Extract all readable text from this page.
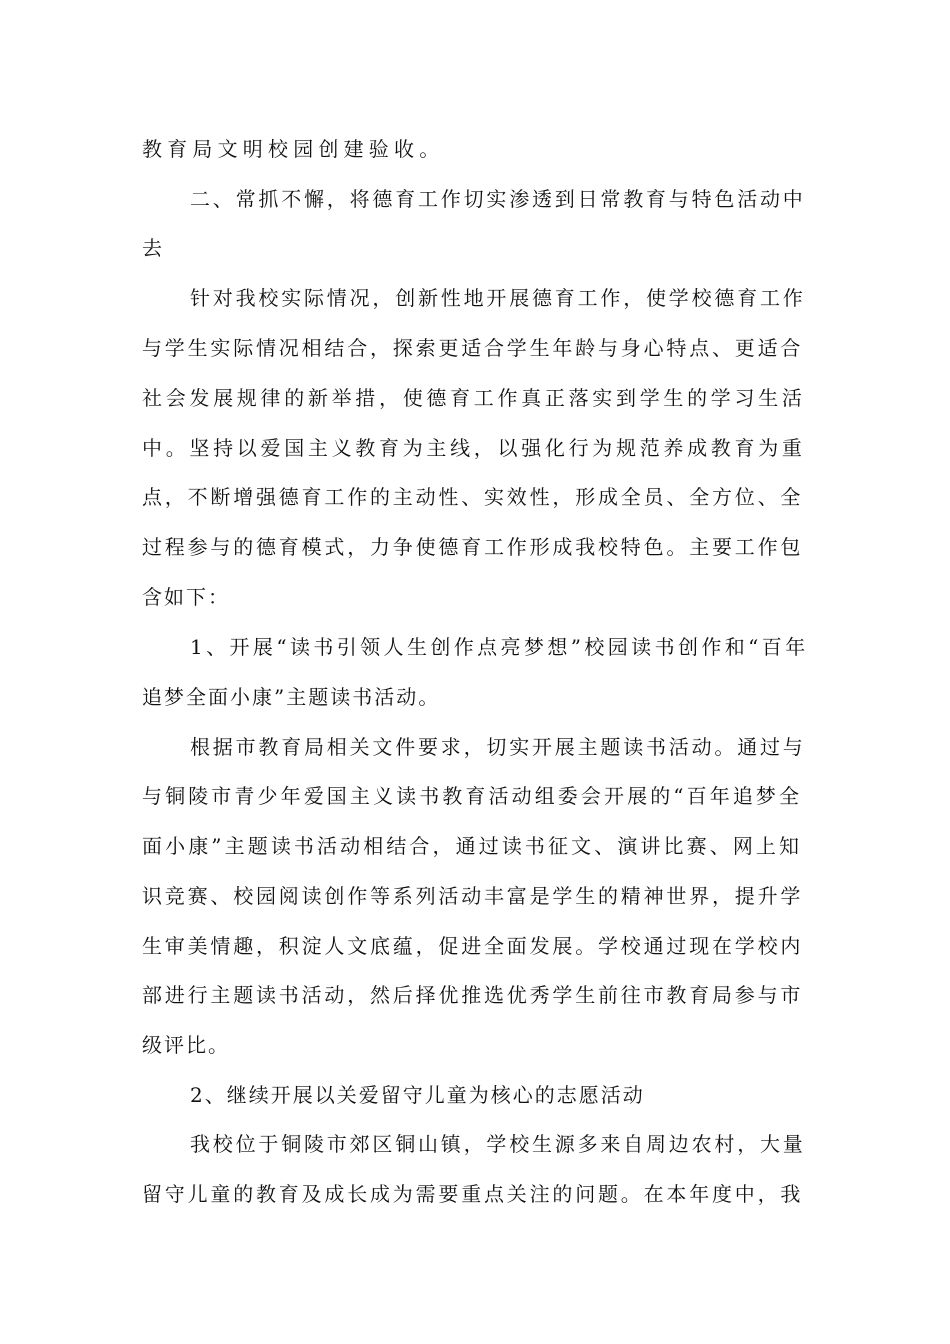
教育局文明校园创建验收。
二、常抓不懈，将德育工作切实渗透到日常教育与特色活动中
去
针对我校实际情况，创新性地开展德育工作，使学校德育工作
与学生实际情况相结合，探索更适合学生年龄与身心特点、更适合
社会发展规律的新举措，使德育工作真正落实到学生的学习生活
中。坚持以爱国主义教育为主线，以强化行为规范养成教育为重
点，不断增强德育工作的主动性、实效性，形成全员、全方位、全
过程参与的德育模式，力争使德育工作形成我校特色。主要工作包
含如下：
1、开展“读书引领人生创作点亮梦想”校园读书创作和“百年
追梦全面小康”主题读书活动。
根据市教育局相关文件要求，切实开展主题读书活动。通过与
与铜陵市青少年爱国主义读书教育活动组委会开展的“百年追梦全
面小康”主题读书活动相结合，通过读书征文、演讲比赛、网上知
识竞赛、校园阅读创作等系列活动丰富是学生的精神世界，提升学
生审美情趣，积淀人文底蕴，促进全面发展。学校通过现在学校内
部进行主题读书活动，然后择优推选优秀学生前往市教育局参与市
级评比。
2、继续开展以关爱留守儿童为核心的志愿活动
我校位于铜陵市郊区铜山镇，学校生源多来自周边农村，大量
留守儿童的教育及成长成为需要重点关注的问题。在本年度中，我
